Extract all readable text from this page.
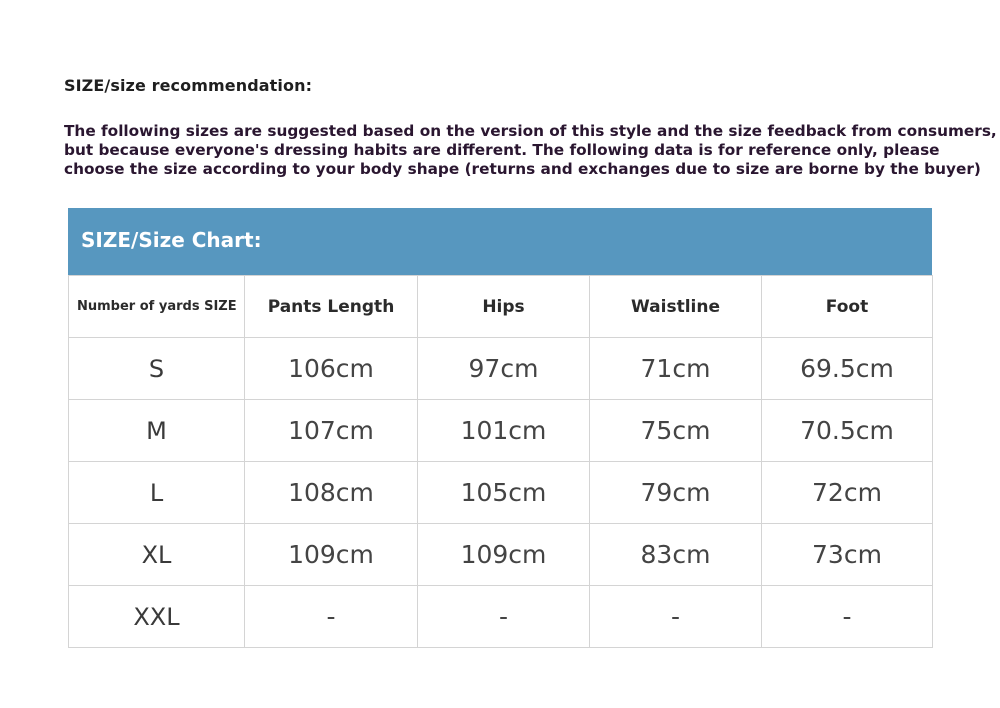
SIZE/size recommendation:
The following sizes are suggested based on the version of this style and the size feedback from consumers,
but because everyone's dressing habits are different. The following data is for reference only, please
choose the size according to your body shape (returns and exchanges due to size are borne by the buyer)
SIZE/Size Chart:
Number of yards SIZE	Pants Length	Hips	Waistline	Foot
S	106cm	97cm	71cm	69.5cm
M	107cm	101cm	75cm	70.5cm
L	108cm	105cm	79cm	72cm
XL	109cm	109cm	83cm	73cm
XXL	-	-	-	-
